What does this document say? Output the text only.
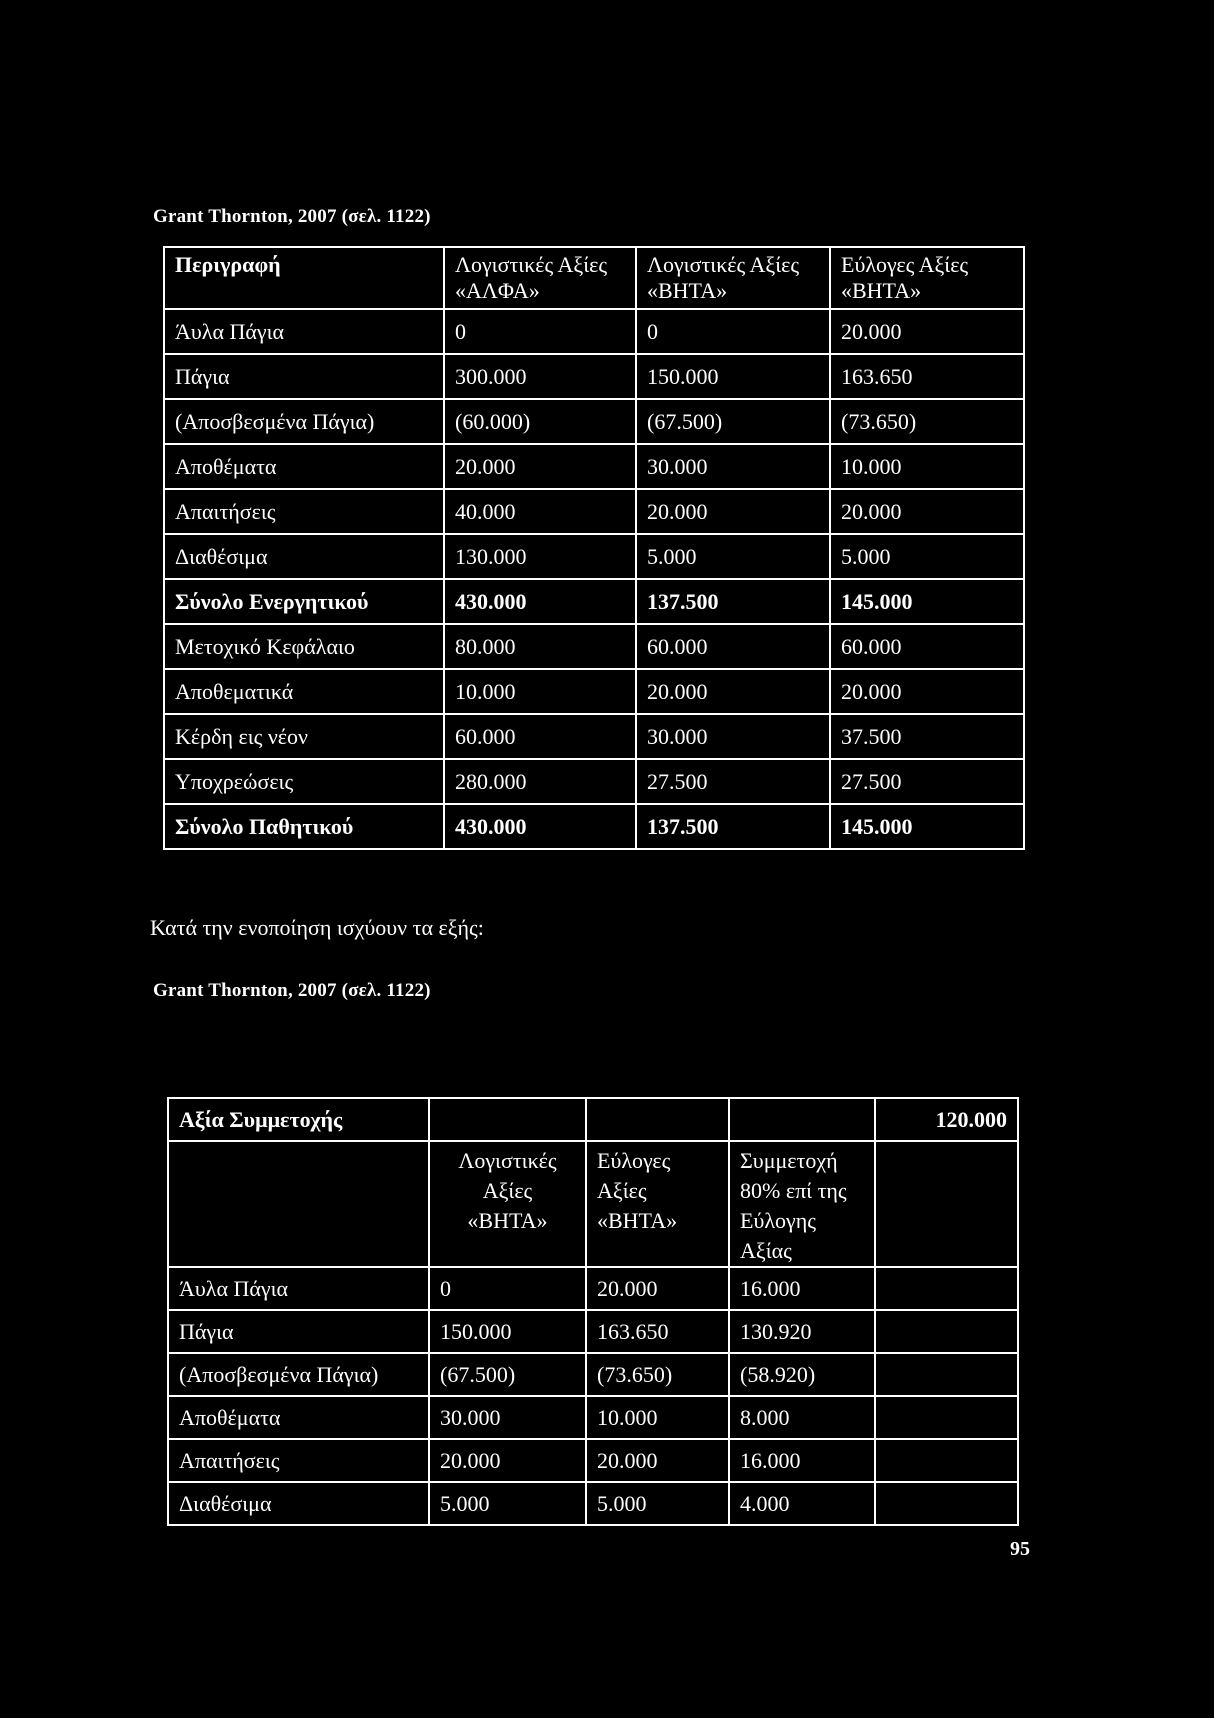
Grant Thornton, 2007 (σελ. 1122)
Περιγραφή	Λογιστικές Αξίες «ΑΛΦΑ»	Λογιστικές Αξίες «ΒΗΤΑ»	Εύλογες Αξίες «ΒΗΤΑ»
Άυλα Πάγια	0	0	20.000
Πάγια	300.000	150.000	163.650
(Αποσβεσμένα Πάγια)	(60.000)	(67.500)	(73.650)
Αποθέματα	20.000	30.000	10.000
Απαιτήσεις	40.000	20.000	20.000
Διαθέσιμα	130.000	5.000	5.000
Σύνολο Ενεργητικού	430.000	137.500	145.000
Μετοχικό Κεφάλαιο	80.000	60.000	60.000
Αποθεματικά	10.000	20.000	20.000
Κέρδη εις νέον	60.000	30.000	37.500
Υποχρεώσεις	280.000	27.500	27.500
Σύνολο Παθητικού	430.000	137.500	145.000
Κατά την ενοποίηση ισχύουν τα εξής:
Grant Thornton, 2007 (σελ. 1122)
Αξία Συμμετοχής				120.000
	Λογιστικές Αξίες «ΒΗΤΑ»	Εύλογες Αξίες «ΒΗΤΑ»	Συμμετοχή 80% επί της Εύλογης Αξίας	
Άυλα Πάγια	0	20.000	16.000	
Πάγια	150.000	163.650	130.920	
(Αποσβεσμένα Πάγια)	(67.500)	(73.650)	(58.920)	
Αποθέματα	30.000	10.000	8.000	
Απαιτήσεις	20.000	20.000	16.000	
Διαθέσιμα	5.000	5.000	4.000	
95
